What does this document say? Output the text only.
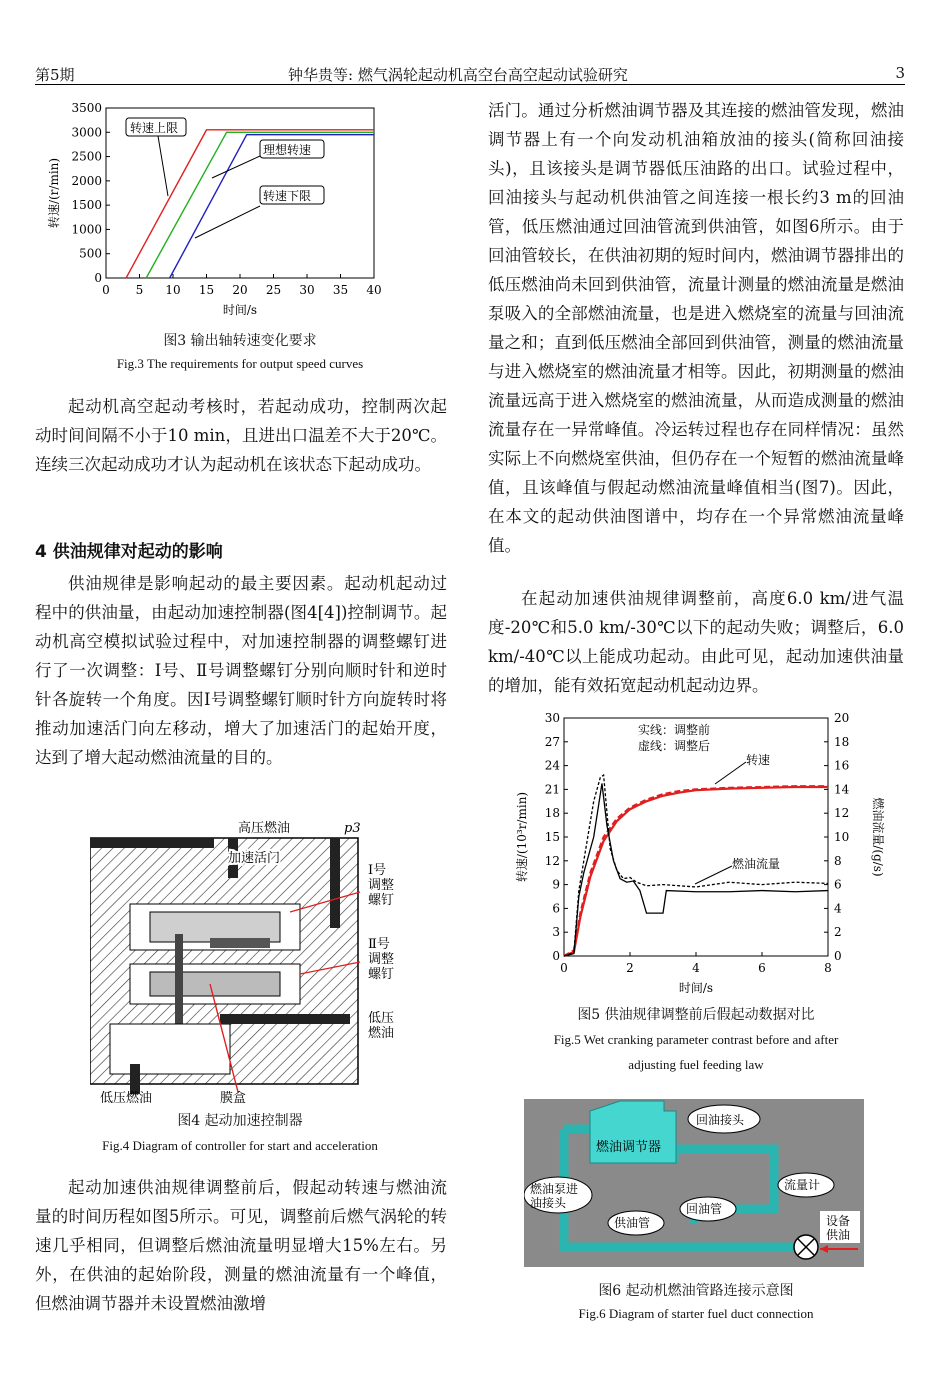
第5期	钟华贵等: 燃气涡轮起动机高空台高空起动试验研究	3
0 5 10 15 20 25 30 35 40
0
500
1000
1500
2000
2500
3000
3500
时间/s
转速/(r/min)
转速上限
理想转速
转速下限
图3 输出轴转速变化要求
Fig.3 The requirements for output speed curves

起动机高空起动考核时，若起动成功，控制两次起动时间间隔不小于10 min，且进出口温差不大于20℃。连续三次起动成功才认为起动机在该状态下起动成功。

4 供油规律对起动的影响

供油规律是影响起动的最主要因素。起动机起动过程中的供油量，由起动加速控制器(图4[4])控制调节。起动机高空模拟试验过程中，对加速控制器的调整螺钉进行了一次调整：Ⅰ号、Ⅱ号调整螺钉分别向顺时针和逆时针各旋转一个角度。因Ⅰ号调整螺钉顺时针方向旋转时将推动加速活门向左移动，增大了加速活门的起始开度，达到了增大起动燃油流量的目的。

高压燃油	p3
加速活门
Ⅰ号
调整
螺钉
Ⅱ号
调整
螺钉
低压
燃油
低压燃油	膜盒
图4 起动加速控制器
Fig.4 Diagram of controller for start and acceleration

起动加速供油规律调整前后，假起动转速与燃油流量的时间历程如图5所示。可见，调整前后燃气涡轮的转速几乎相同，但调整后燃油流量明显增大15%左右。另外，在供油的起始阶段，测量的燃油流量有一个峰值，但燃油调节器并未设置燃油激增

活门。通过分析燃油调节器及其连接的燃油管发现，燃油调节器上有一个向发动机油箱放油的接头(简称回油接头)，且该接头是调节器低压油路的出口。试验过程中，回油接头与起动机供油管之间连接一根长约3 m的回油管，低压燃油通过回油管流到供油管，如图6所示。由于回油管较长，在供油初期的短时间内，燃油调节器排出的低压燃油尚未回到供油管，流量计测量的燃油流量是燃油泵吸入的全部燃油流量，也是进入燃烧室的流量与回油流量之和；直到低压燃油全部回到供油管，测量的燃油流量与进入燃烧室的燃油流量才相等。因此，初期测量的燃油流量远高于进入燃烧室的燃油流量，从而造成测量的燃油流量存在一异常峰值。冷运转过程也存在同样情况：虽然实际上不向燃烧室供油，但仍存在一个短暂的燃油流量峰值，且该峰值与假起动燃油流量峰值相当(图7)。因此，在本文的起动供油图谱中，均存在一个异常燃油流量峰值。

在起动加速供油规律调整前，高度6.0 km/进气温度-20℃和5.0 km/-30℃以下的起动失败；调整后，6.0 km/-40℃以上能成功起动。由此可见，起动加速供油量的增加，能有效拓宽起动机起动边界。

0	2	4	6	8
0
3
6
9
12
15
18
21
24
27
30
0
2
4
6
8
10
12
14
16
18
20
时间/s
转速/(10³r/min)	燃油流量/(g/s)
实线：调整前
虚线：调整后
转速
燃油流量
图5 供油规律调整前后假起动数据对比
Fig.5 Wet cranking parameter contrast before and after
adjusting fuel feeding law
燃油调节器
回油接头
燃油泵进
油接头	回油管
供油管
流量计
设备
供油
图6 起动机燃油管路连接示意图
Fig.6 Diagram of starter fuel duct connection
